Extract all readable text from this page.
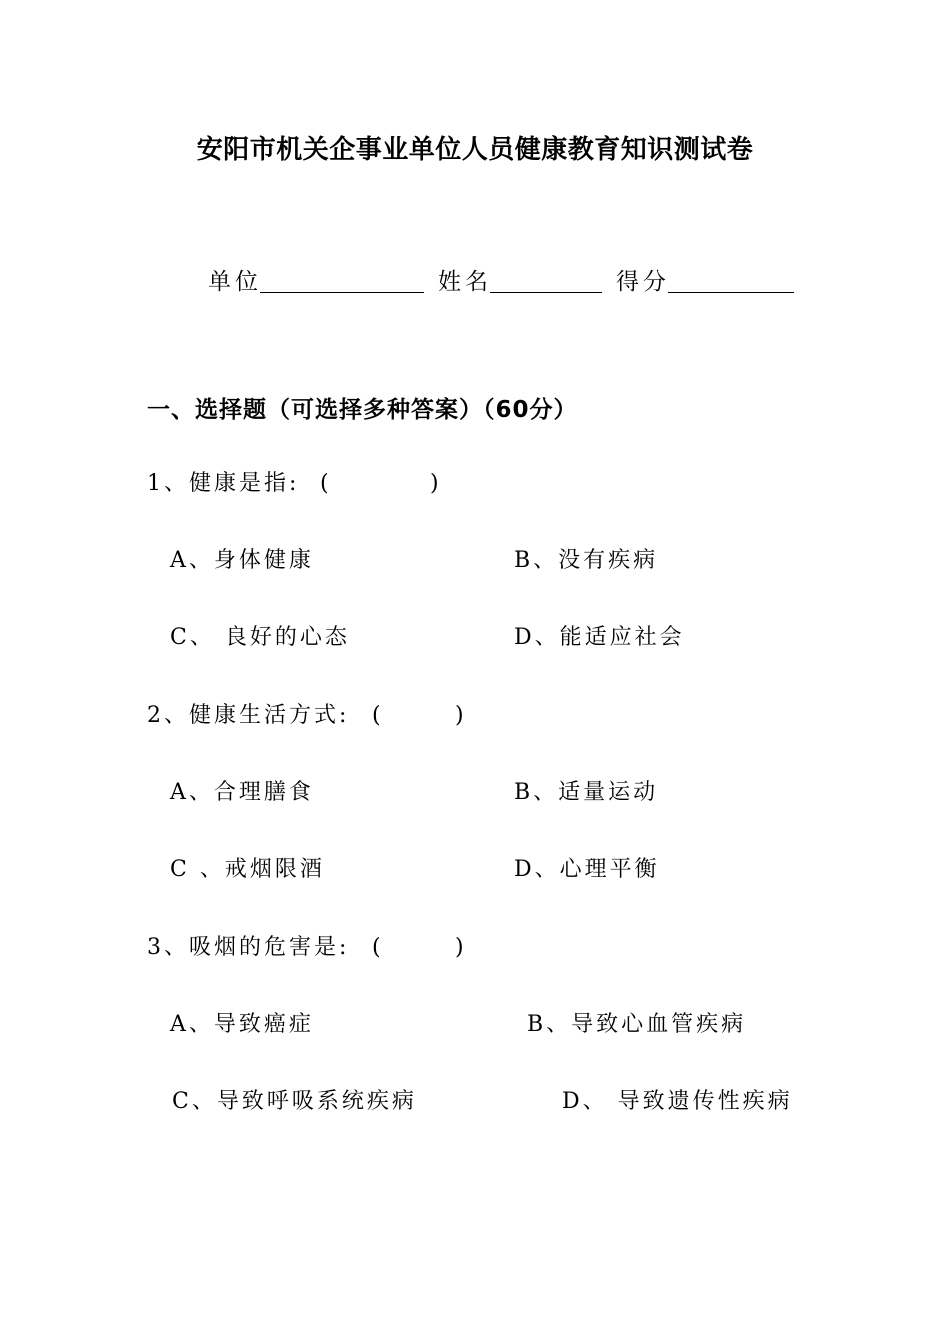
安阳市机关企事业单位人员健康教育知识测试卷
单位	姓名	得分
一、选择题（可选择多种答案）（60分）
1、健康是指: (	)
A、身体健康	B、没有疾病
C、 良好的心态	D、能适应社会
2、健康生活方式: (	)
A、合理膳食	B、适量运动
C 、戒烟限酒	D、心理平衡
3、吸烟的危害是: (	)
A、导致癌症	B、导致心血管疾病
C、导致呼吸系统疾病	D、 导致遗传性疾病
